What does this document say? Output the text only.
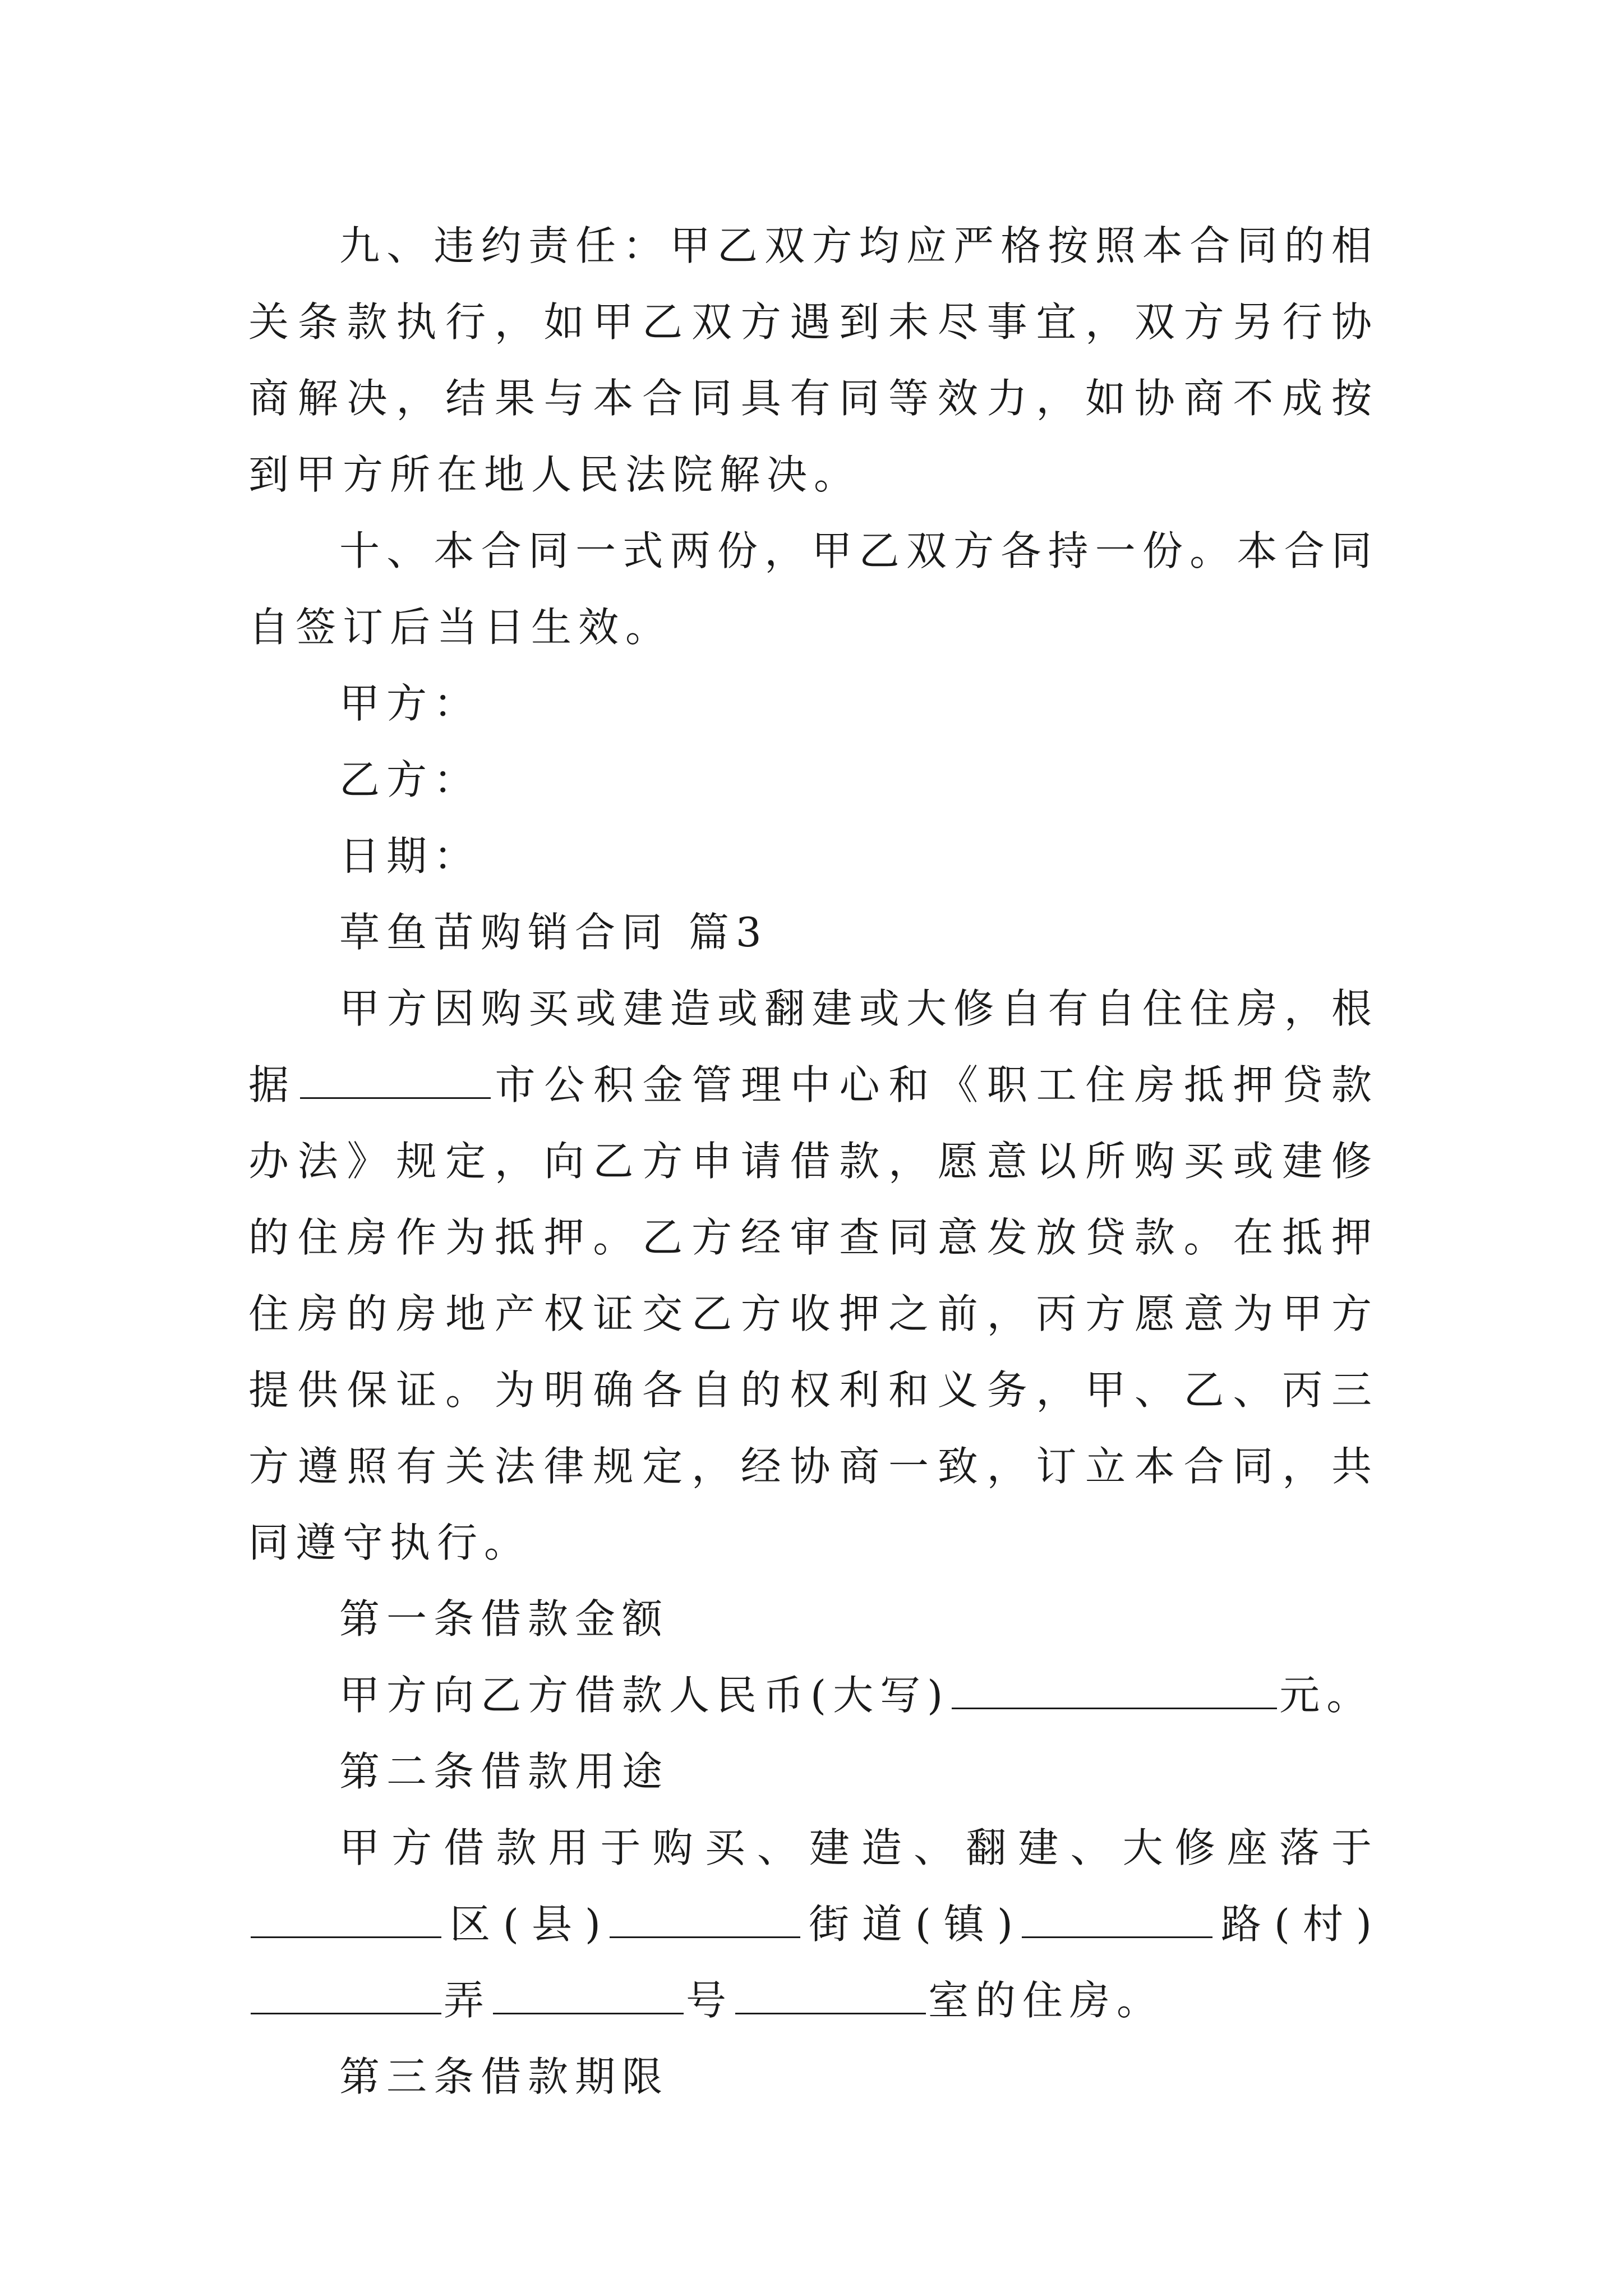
九、违约责任：甲乙双方均应严格按照本合同的相关条款执行，如甲乙双方遇到未尽事宜，双方另行协商解决，结果与本合同具有同等效力，如协商不成按到甲方所在地人民法院解决。

十、本合同一式两份，甲乙双方各持一份。本合同自签订后当日生效。

甲方：

乙方：

日期：

草鱼苗购销合同 篇3

甲方因购买或建造或翻建或大修自有自住住房，根据	市公积金管理中心和《职工住房抵押贷款办法》规定，向乙方申请借款，愿意以所购买或建修的住房作为抵押。乙方经审查同意发放贷款。在抵押住房的房地产权证交乙方收押之前，丙方愿意为甲方提供保证。为明确各自的权利和义务，甲、乙、丙三方遵照有关法律规定，经协商一致，订立本合同，共同遵守执行。

第一条借款金额

甲方向乙方借款人民币(大写)	元。

第二条借款用途

甲方借款用于购买、建造、翻建、大修座落于区(县)	街道(镇)	路(村)弄	号	室的住房。

第三条借款期限
